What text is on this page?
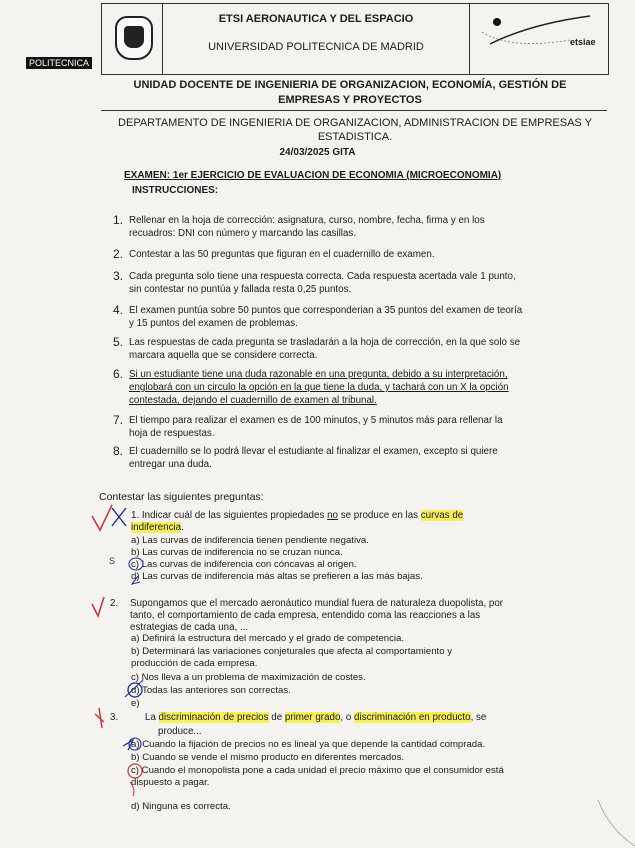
ETSI AERONAUTICA Y DEL ESPACIO
UNIVERSIDAD POLITECNICA DE MADRID
POLITECNICA
etsiae
UNIDAD DOCENTE DE INGENIERIA DE ORGANIZACION, ECONOMÍA, GESTIÓN DE EMPRESAS Y PROYECTOS
DEPARTAMENTO DE INGENIERIA DE ORGANIZACION, ADMINISTRACION DE EMPRESAS Y ESTADISTICA.
24/03/2025 GITA
EXAMEN: 1er EJERCICIO DE EVALUACION DE ECONOMIA (MICROECONOMIA)
INSTRUCCIONES:
1. Rellenar en la hoja de corrección: asignatura, curso, nombre, fecha, firma y en los recuadros: DNI con número y marcando las casillas.
2. Contestar a las 50 preguntas que figuran en el cuadernillo de examen.
3. Cada pregunta solo tiene una respuesta correcta. Cada respuesta acertada vale 1 punto, sin contestar no puntúa y fallada resta 0,25 puntos.
4. El examen puntúa sobre 50 puntos que corresponderian a 35 puntos del examen de teoría y 15 puntos del examen de problemas.
5. Las respuestas de cada pregunta se trasladarán a la hoja de corrección, en la que solo se marcara aquella que se considere correcta.
6. Si un estudiante tiene una duda razonable en una pregunta, debido a su interpretación, englobará con un circulo la opción en la que tiene la duda, y tachará con un X la opción contestada, dejando el cuadernillo de examen al tribunal.
7. El tiempo para realizar el examen es de 100 minutos, y 5 minutos más para rellenar la hoja de respuestas.
8. El cuadernillo se lo podrá llevar el estudiante al finalizar el examen, excepto si quiere entregar una duda.
Contestar las siguientes preguntas:
1. Indicar cuál de las siguientes propiedades no se produce en las curvas de indiferencia.
a) Las curvas de indiferencia tienen pendiente negativa.
b) Las curvas de indiferencia no se cruzan nunca.
c) Las curvas de indiferencia con cóncavas al origen.
d) Las curvas de indiferencia más altas se prefieren a las más bajas.
2.	Supongamos que el mercado aeronáutico mundial fuera de naturaleza duopolista, por tanto, el comportamiento de cada empresa, entendido coma las reacciones a las estrategias de cada una, ...
a) Definirá la estructura del mercado y el grado de competencia.
b) Determinará las variaciones conjeturales que afecta al comportamiento y producción de cada empresa.
c) Nos lleva a un problema de maximización de costes.
d) Todas las anteriores son correctas.
e)
3.	La discriminación de precios de primer grado, o discriminación en producto, se
produce...
a) Cuando la fijación de precios no es lineal ya que depende la cantidad comprada.
b) Cuando se vende el mismo producto en diferentes mercados.
c) Cuando el monopolista pone a cada unidad el precio máximo que el consumidor está dispuesto a pagar.
d) Ninguna es correcta.
S
